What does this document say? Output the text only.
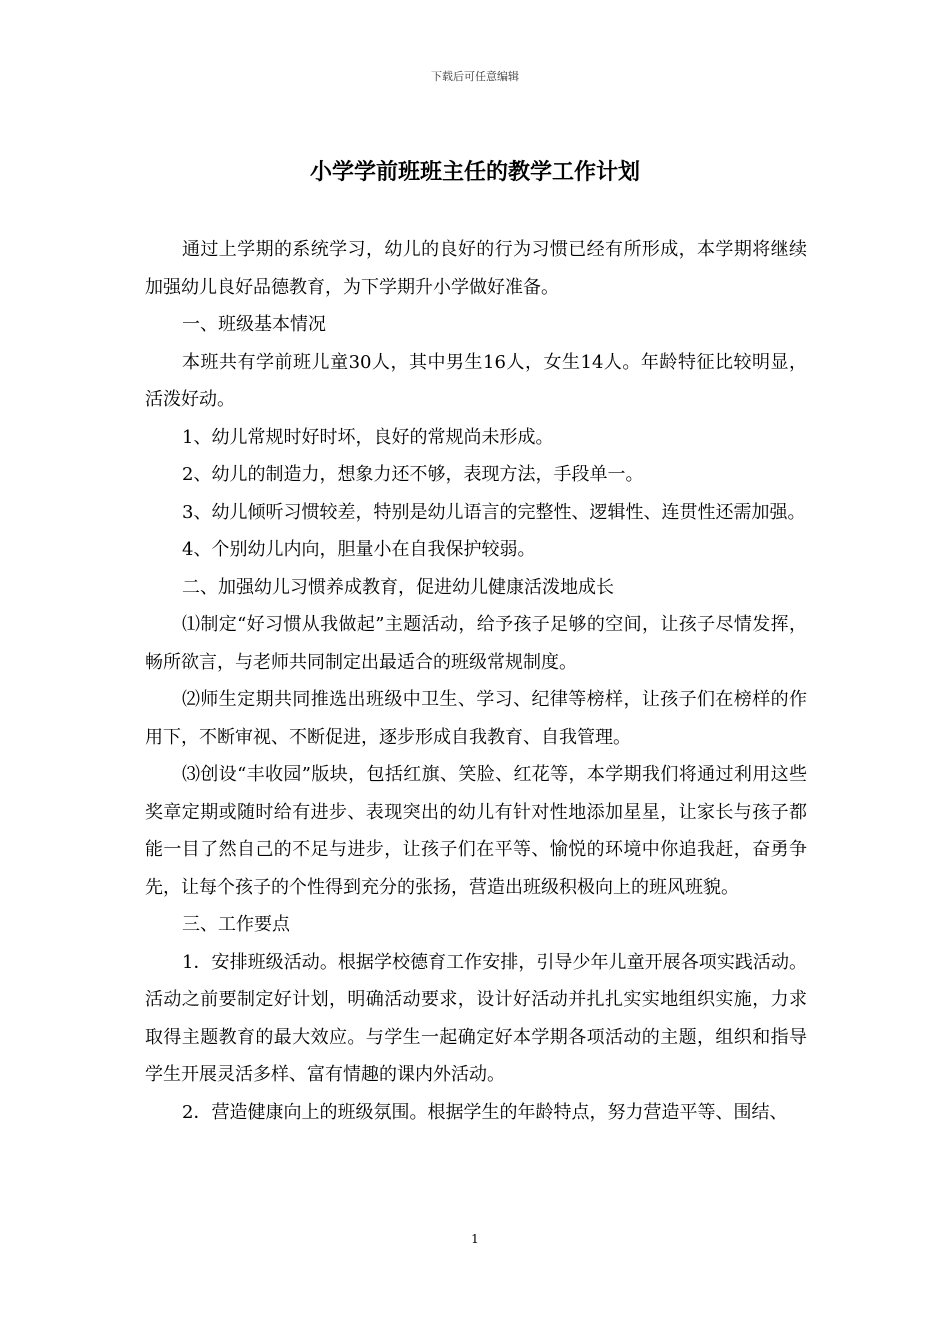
下载后可任意编辑
小学学前班班主任的教学工作计划

通过上学期的系统学习，幼儿的良好的行为习惯已经有所形成，本学期将继续加强幼儿良好品德教育，为下学期升小学做好准备。

一、班级基本情况

本班共有学前班儿童30人，其中男生16人，女生14人。年龄特征比较明显，活泼好动。

1、幼儿常规时好时坏，良好的常规尚未形成。

2、幼儿的制造力，想象力还不够，表现方法，手段单一。

3、幼儿倾听习惯较差，特别是幼儿语言的完整性、逻辑性、连贯性还需加强。

4、个别幼儿内向，胆量小在自我保护较弱。

二、加强幼儿习惯养成教育，促进幼儿健康活泼地成长

⑴制定“好习惯从我做起”主题活动，给予孩子足够的空间，让孩子尽情发挥，畅所欲言，与老师共同制定出最适合的班级常规制度。

⑵师生定期共同推选出班级中卫生、学习、纪律等榜样，让孩子们在榜样的作用下，不断审视、不断促进，逐步形成自我教育、自我管理。

⑶创设“丰收园”版块，包括红旗、笑脸、红花等，本学期我们将通过利用这些奖章定期或随时给有进步、表现突出的幼儿有针对性地添加星星，让家长与孩子都能一目了然自己的不足与进步，让孩子们在平等、愉悦的环境中你追我赶，奋勇争先，让每个孩子的个性得到充分的张扬，营造出班级积极向上的班风班貌。

三、工作要点

1．安排班级活动。根据学校德育工作安排，引导少年儿童开展各项实践活动。活动之前要制定好计划，明确活动要求，设计好活动并扎扎实实地组织实施，力求取得主题教育的最大效应。与学生一起确定好本学期各项活动的主题，组织和指导学生开展灵活多样、富有情趣的课内外活动。

2．营造健康向上的班级氛围。根据学生的年龄特点，努力营造平等、围结、

1
